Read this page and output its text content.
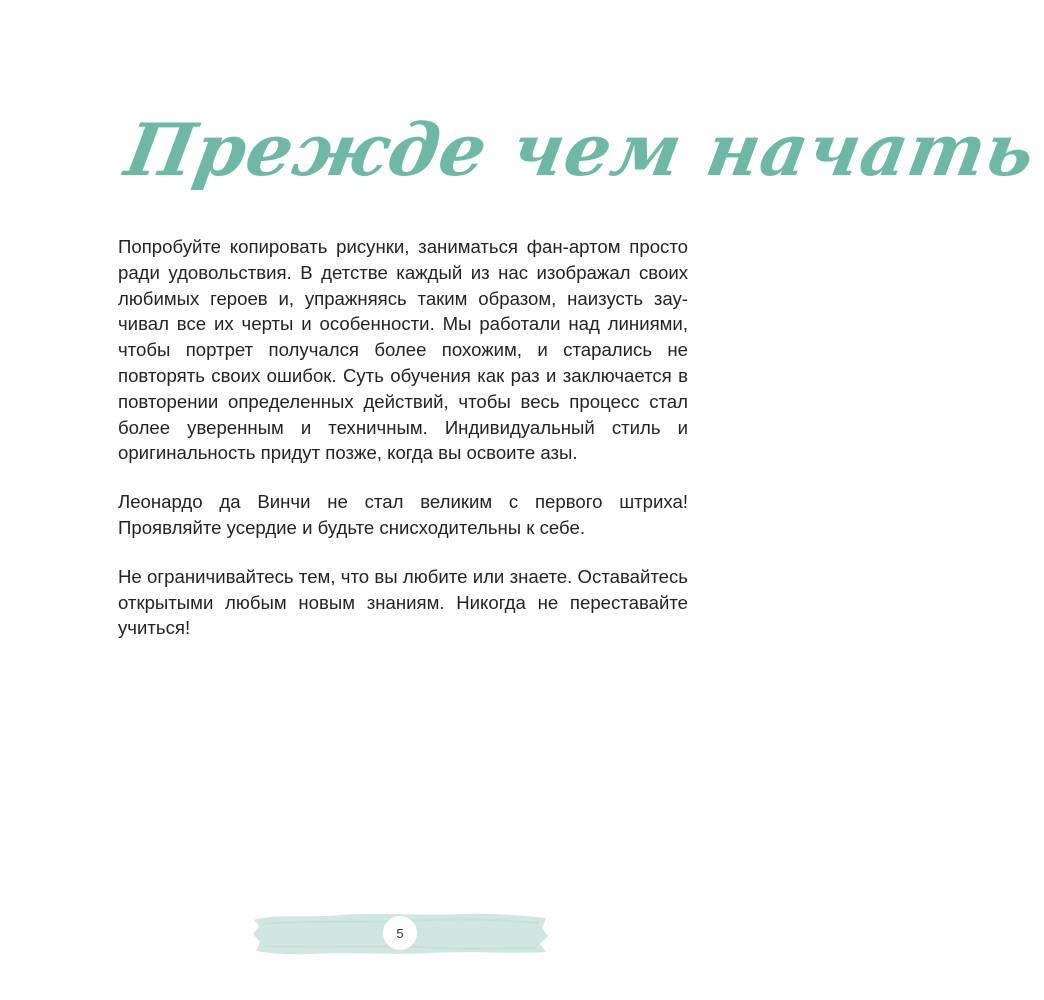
Прежде чем начать

Попробуйте копировать рисунки, заниматься фан-артом просто ради удовольствия. В детстве каждый из нас изображал своих любимых героев и, упражняясь таким образом, наизусть заучивал все их черты и особенности. Мы работали над линиями, чтобы портрет получался более похожим, и старались не повторять своих ошибок. Суть обучения как раз и заключается в повторении определенных действий, чтобы весь процесс стал более уверенным и техничным. Индивидуальный стиль и оригинальность придут позже, когда вы освоите азы.

Леонардо да Винчи не стал великим с первого штриха! Проявляйте усердие и будьте снисходительны к себе.

Не ограничивайтесь тем, что вы любите или знаете. Оставайтесь открытыми любым новым знаниям. Никогда не переставайте учиться!

5
